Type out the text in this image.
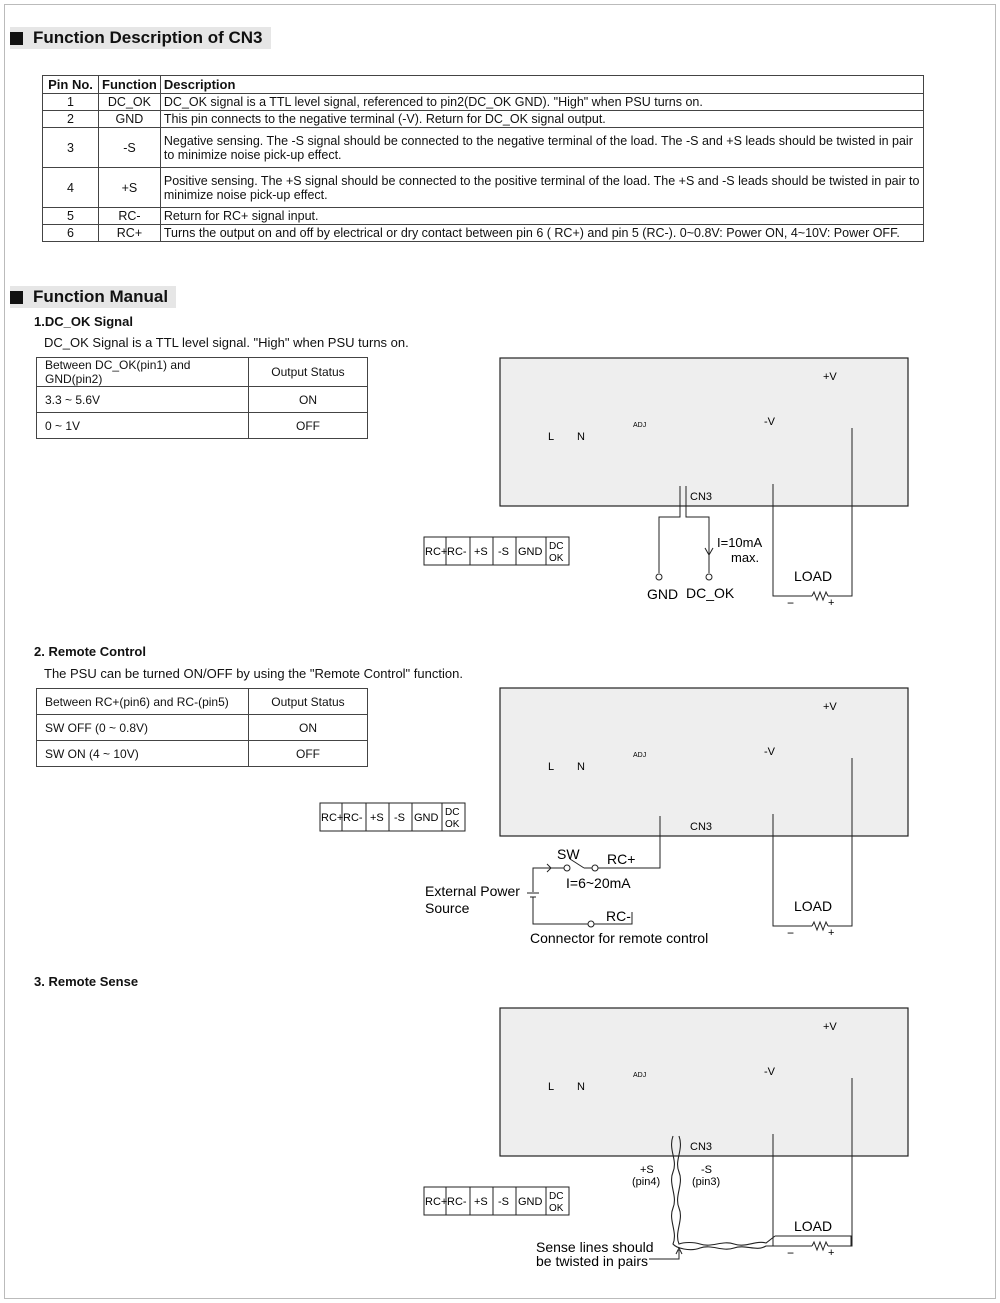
Function Description of CN3
Pin No.	Function	Description
1	DC_OK	DC_OK signal is a TTL level signal, referenced to pin2(DC_OK GND). "High" when PSU turns on.
2	GND	This pin connects to the negative terminal (-V). Return for DC_OK signal output.
3	-S	Negative sensing. The -S signal should be connected to the negative terminal of the load. The -S and +S leads should be twisted in pair to minimize noise pick-up effect.
4	+S	Positive sensing. The +S signal should be connected to the positive terminal of the load. The +S and -S leads should be twisted in pair to minimize noise pick-up effect.
5	RC-	Return for RC+ signal input.
6	RC+	Turns the output on and off by electrical or dry contact between pin 6 ( RC+) and pin 5 (RC-). 0~0.8V: Power ON, 4~10V: Power OFF.
Function Manual
1.DC_OK Signal
DC_OK Signal is a TTL level signal. "High" when PSU turns on.
Between DC_OK(pin1) and GND(pin2)	Output Status
3.3 ~ 5.6V	ON
0 ~ 1V	OFF
2. Remote Control
The PSU can be turned ON/OFF by using the "Remote Control" function.
Between RC+(pin6) and RC-(pin5)	Output Status
SW OFF (0 ~ 0.8V)	ON
SW ON (4 ~ 10V)	OFF
3. Remote Sense
+V
-V
ADJ
L N
CN3
I=10mA
max.
GND DC_OK
LOAD
−	+
RC+ RC- +S -S GND DC
OK
+V
-V
ADJ
L N
CN3
SW RC+
I=6~20mA
External Power
Source	RC-
Connector for remote control
LOAD
−	+
RC+ RC- +S -S GND DC
OK
+V
-V
ADJ
L N
CN3
+S
(pin4)
-S
(pin3)
Sense lines should
be twisted in pairs
LOAD
−	+
RC+ RC- +S -S GND DC
OK
